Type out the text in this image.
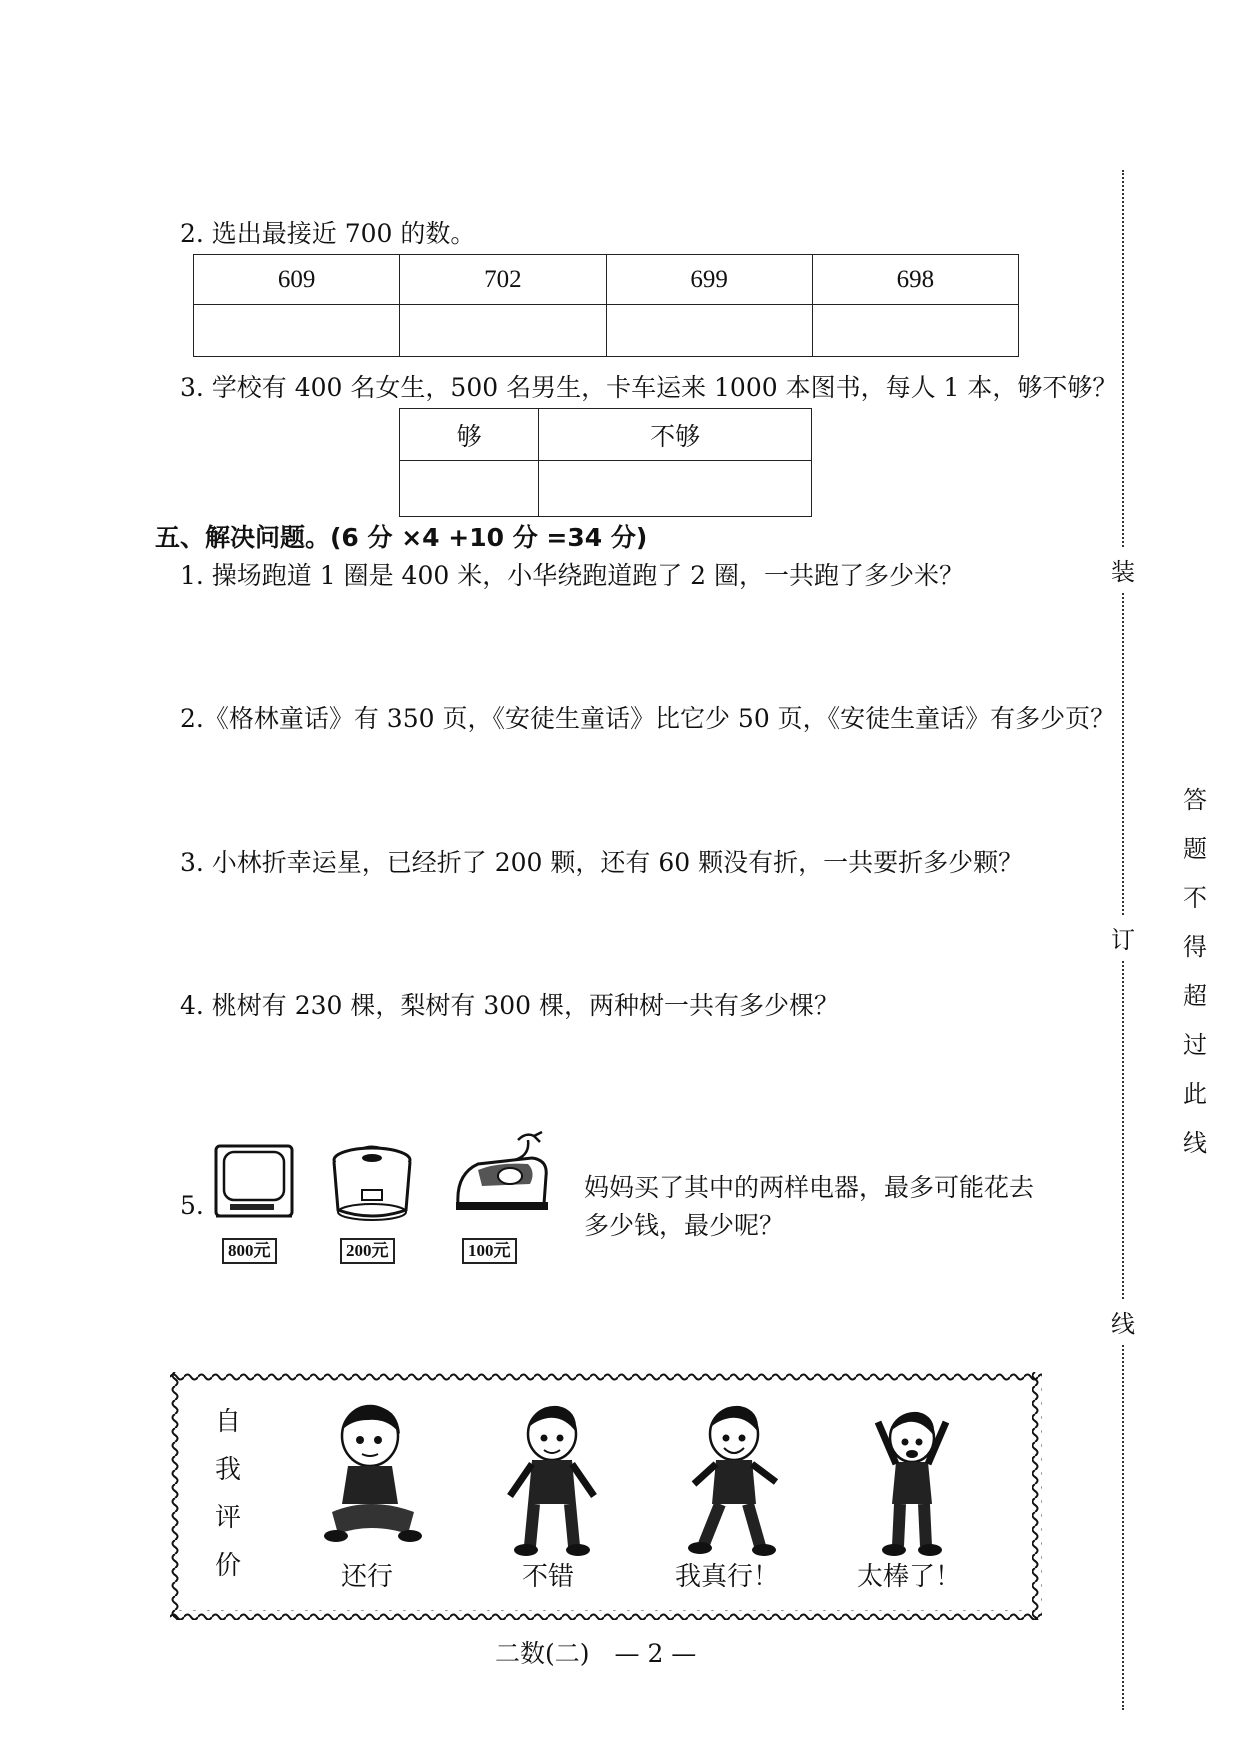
2. 选出最接近 700 的数。
609	702	699	698

3. 学校有 400 名女生，500 名男生，卡车运来 1000 本图书，每人 1 本，够不够？
够	不够

五、解决问题。(6 分 ×4 +10 分 =34 分)
1. 操场跑道 1 圈是 400 米，小华绕跑道跑了 2 圈，一共跑了多少米？
2.《格林童话》有 350 页，《安徒生童话》比它少 50 页，《安徒生童话》有多少页？
3. 小林折幸运星，已经折了 200 颗，还有 60 颗没有折，一共要折多少颗？
4. 桃树有 230 棵，梨树有 300 棵，两种树一共有多少棵？
5.
800元	200元	100元
妈妈买了其中的两样电器，最多可能花去
多少钱，最少呢？
自
我
评
价	还行	不错	我真行！	太棒了！
二数(二)　— 2 —
装
订
线
答
题
不
得
超
过
此
线
